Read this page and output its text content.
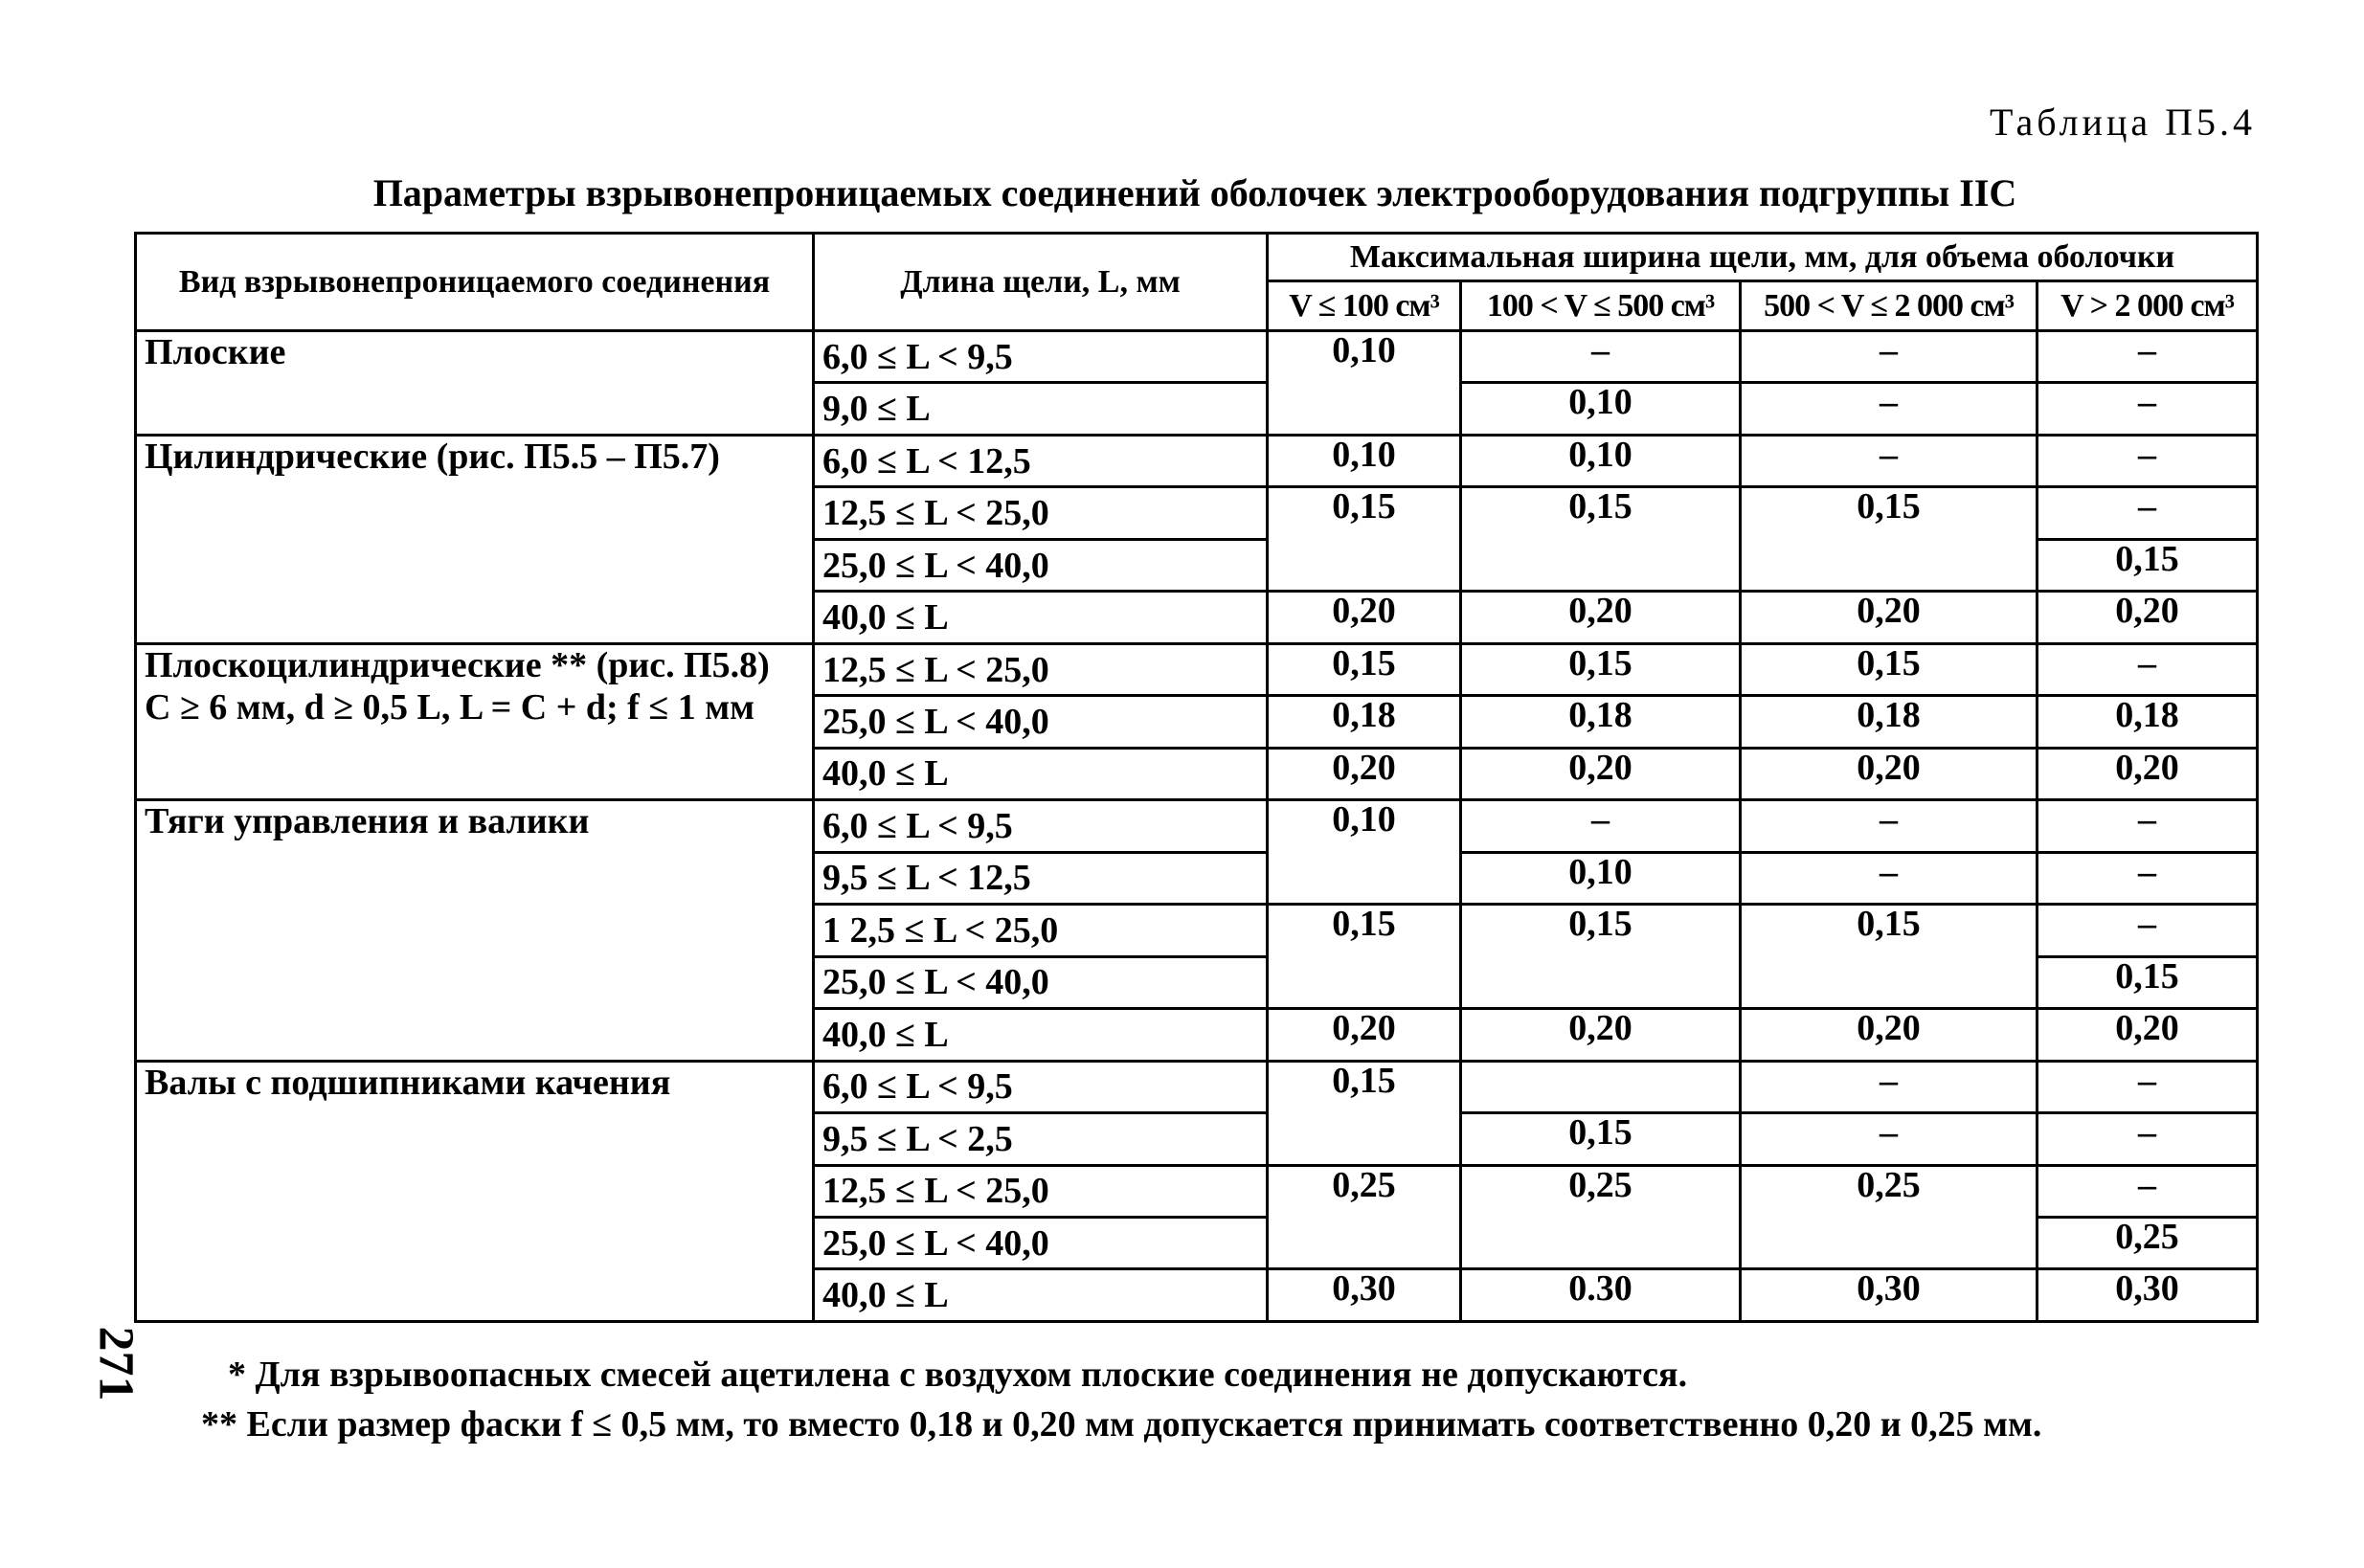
Таблица П5.4
Параметры взрывонепроницаемых соединений оболочек электрооборудования подгруппы IIС
Вид взрывонепроницаемого соединения	Длина щели, L, мм	Максимальная ширина щели, мм, для объема оболочки			
		V ≤ 100 см³	100 < V ≤ 500 см³	500 < V ≤ 2 000 см³	V > 2 000 см³

Плоские	6,0 ≤ L < 9,5	0,10	–	–	–
	9,0 ≤ L		0,10	–	–

Цилиндрические (рис. П5.5 – П5.7)	6,0 ≤ L < 12,5	0,10	0,10	–	–
	12,5 ≤ L < 25,0	0,15	0,15	0,15	–
	25,0 ≤ L < 40,0				0,15
	40,0 ≤ L	0,20	0,20	0,20	0,20

Плоскоцилиндрические ** (рис. П5.8)
C ≥ 6 мм, d ≥ 0,5 L, L = C + d; f ≤ 1 мм	12,5 ≤ L < 25,0	0,15	0,15	0,15	–
	25,0 ≤ L < 40,0	0,18	0,18	0,18	0,18
	40,0 ≤ L	0,20	0,20	0,20	0,20

Тяги управления и валики	6,0 ≤ L < 9,5	0,10	–	–	–
	9,5 ≤ L < 12,5		0,10	–	–
	1 2,5 ≤ L < 25,0	0,15	0,15	0,15	–
	25,0 ≤ L < 40,0				0,15
	40,0 ≤ L	0,20	0,20	0,20	0,20

Валы с подшипниками качения	6,0 ≤ L < 9,5	0,15		–	–
	9,5 ≤ L < 2,5		0,15	–	–
	12,5 ≤ L < 25,0	0,25	0,25	0,25	–
	25,0 ≤ L < 40,0				0,25
	40,0 ≤ L	0,30	0.30	0,30	0,30
271	* Для взрывоопасных смесей ацетилена с воздухом плоские соединения не допускаются.
** Если размер фаски f ≤ 0,5 мм, то вместо 0,18 и 0,20 мм допускается принимать соответственно 0,20 и 0,25 мм.
